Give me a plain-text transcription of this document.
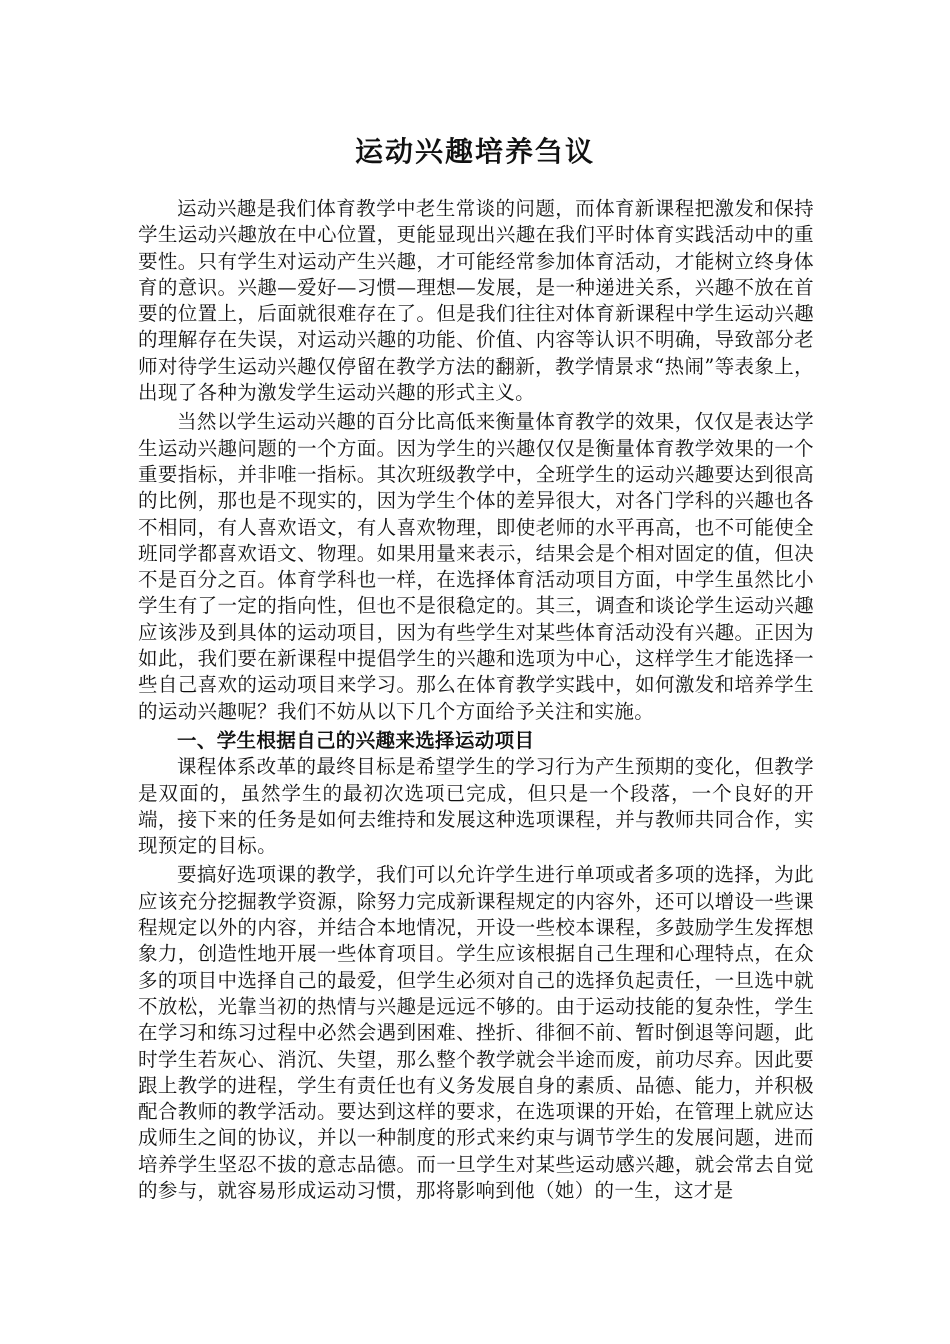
运动兴趣培养刍议

运动兴趣是我们体育教学中老生常谈的问题，而体育新课程把激发和保持学生运动兴趣放在中心位置，更能显现出兴趣在我们平时体育实践活动中的重要性。只有学生对运动产生兴趣，才可能经常参加体育活动，才能树立终身体育的意识。兴趣—爱好—习惯—理想—发展，是一种递进关系，兴趣不放在首要的位置上，后面就很难存在了。但是我们往往对体育新课程中学生运动兴趣的理解存在失误，对运动兴趣的功能、价值、内容等认识不明确，导致部分老师对待学生运动兴趣仅停留在教学方法的翻新，教学情景求“热闹”等表象上，出现了各种为激发学生运动兴趣的形式主义。

当然以学生运动兴趣的百分比高低来衡量体育教学的效果，仅仅是表达学生运动兴趣问题的一个方面。因为学生的兴趣仅仅是衡量体育教学效果的一个重要指标，并非唯一指标。其次班级教学中，全班学生的运动兴趣要达到很高的比例，那也是不现实的，因为学生个体的差异很大，对各门学科的兴趣也各不相同，有人喜欢语文，有人喜欢物理，即使老师的水平再高，也不可能使全班同学都喜欢语文、物理。如果用量来表示，结果会是个相对固定的值，但决不是百分之百。体育学科也一样，在选择体育活动项目方面，中学生虽然比小学生有了一定的指向性，但也不是很稳定的。其三，调查和谈论学生运动兴趣应该涉及到具体的运动项目，因为有些学生对某些体育活动没有兴趣。正因为如此，我们要在新课程中提倡学生的兴趣和选项为中心，这样学生才能选择一些自己喜欢的运动项目来学习。那么在体育教学实践中，如何激发和培养学生的运动兴趣呢？我们不妨从以下几个方面给予关注和实施。

一、学生根据自己的兴趣来选择运动项目

课程体系改革的最终目标是希望学生的学习行为产生预期的变化，但教学是双面的，虽然学生的最初次选项已完成，但只是一个段落，一个良好的开端，接下来的任务是如何去维持和发展这种选项课程，并与教师共同合作，实现预定的目标。

要搞好选项课的教学，我们可以允许学生进行单项或者多项的选择，为此应该充分挖掘教学资源，除努力完成新课程规定的内容外，还可以增设一些课程规定以外的内容，并结合本地情况，开设一些校本课程，多鼓励学生发挥想象力，创造性地开展一些体育项目。学生应该根据自己生理和心理特点，在众多的项目中选择自己的最爱，但学生必须对自己的选择负起责任，一旦选中就不放松，光靠当初的热情与兴趣是远远不够的。由于运动技能的复杂性，学生在学习和练习过程中必然会遇到困难、挫折、徘徊不前、暂时倒退等问题，此时学生若灰心、消沉、失望，那么整个教学就会半途而废，前功尽弃。因此要跟上教学的进程，学生有责任也有义务发展自身的素质、品德、能力，并积极配合教师的教学活动。要达到这样的要求，在选项课的开始，在管理上就应达成师生之间的协议，并以一种制度的形式来约束与调节学生的发展问题，进而培养学生坚忍不拔的意志品德。而一旦学生对某些运动感兴趣，就会常去自觉的参与，就容易形成运动习惯，那将影响到他（她）的一生，这才是
